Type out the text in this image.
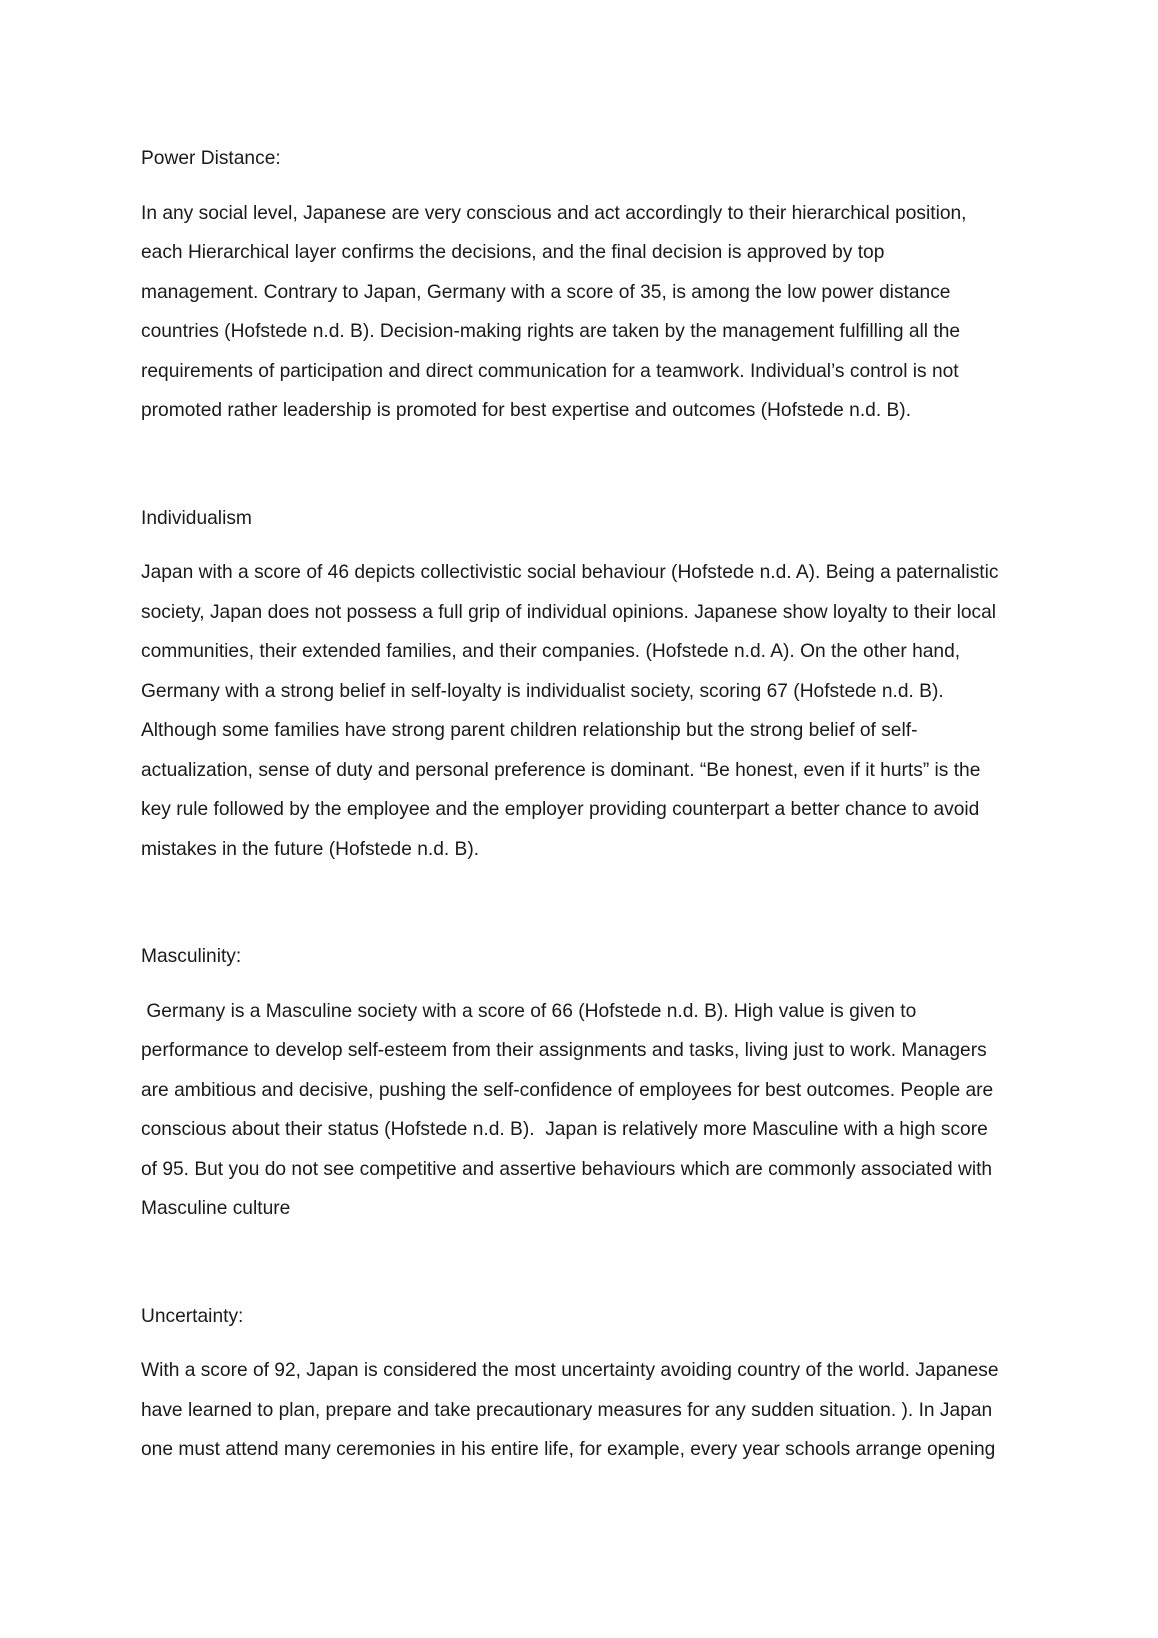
Power Distance:
In any social level, Japanese are very conscious and act accordingly to their hierarchical position,
each Hierarchical layer confirms the decisions, and the final decision is approved by top
management. Contrary to Japan, Germany with a score of 35, is among the low power distance
countries (Hofstede n.d. B). Decision-making rights are taken by the management fulfilling all the
requirements of participation and direct communication for a teamwork. Individual’s control is not
promoted rather leadership is promoted for best expertise and outcomes (Hofstede n.d. B).
Individualism
Japan with a score of 46 depicts collectivistic social behaviour (Hofstede n.d. A). Being a paternalistic
society, Japan does not possess a full grip of individual opinions. Japanese show loyalty to their local
communities, their extended families, and their companies. (Hofstede n.d. A). On the other hand,
Germany with a strong belief in self-loyalty is individualist society, scoring 67 (Hofstede n.d. B).
Although some families have strong parent children relationship but the strong belief of self-
actualization, sense of duty and personal preference is dominant. “Be honest, even if it hurts” is the
key rule followed by the employee and the employer providing counterpart a better chance to avoid
mistakes in the future (Hofstede n.d. B).
Masculinity:
Germany is a Masculine society with a score of 66 (Hofstede n.d. B). High value is given to
performance to develop self-esteem from their assignments and tasks, living just to work. Managers
are ambitious and decisive, pushing the self-confidence of employees for best outcomes. People are
conscious about their status (Hofstede n.d. B).  Japan is relatively more Masculine with a high score
of 95. But you do not see competitive and assertive behaviours which are commonly associated with
Masculine culture
Uncertainty:
With a score of 92, Japan is considered the most uncertainty avoiding country of the world. Japanese
have learned to plan, prepare and take precautionary measures for any sudden situation. ). In Japan
one must attend many ceremonies in his entire life, for example, every year schools arrange opening
